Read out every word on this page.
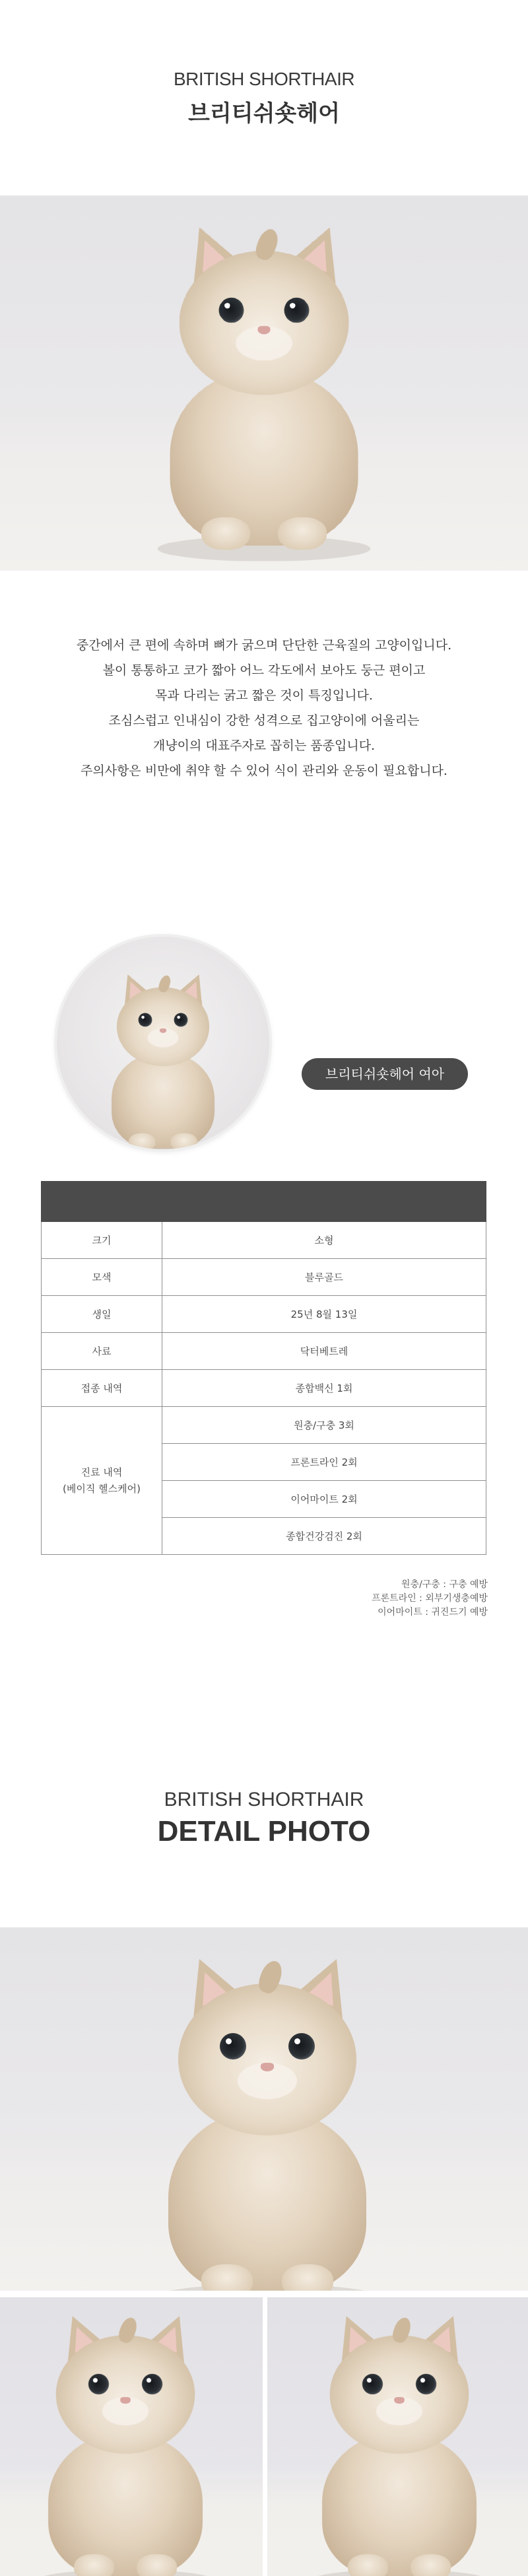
BRITISH SHORTHAIR
브리티쉬숏헤어

중간에서 큰 편에 속하며 뼈가 굵으며 단단한 근육질의 고양이입니다.

볼이 통통하고 코가 짧아 어느 각도에서 보아도 둥근 편이고

목과 다리는 굵고 짧은 것이 특징입니다.

조심스럽고 인내심이 강한 성격으로 집고양이에 어울리는

개냥이의 대표주자로 꼽히는 품종입니다.

주의사항은 비만에 취약 할 수 있어 식이 관리와 운동이 필요합니다.

브리티쉬숏헤어 여아

크기	소형
모색	블루골드
생일	25년 8월 13일
사료	닥터베트레
접종 내역	종합백신 1회
진료 내역
(베이직 헬스케어)	원충/구충 3회
	프론트라인 2회
	이어마이트 2회
	종합건강검진 2회

원충/구충 : 구충 예방

프론트라인 : 외부기생충예방

이어마이트 : 귀진드기 예방

BRITISH SHORTHAIR
DETAIL PHOTO
